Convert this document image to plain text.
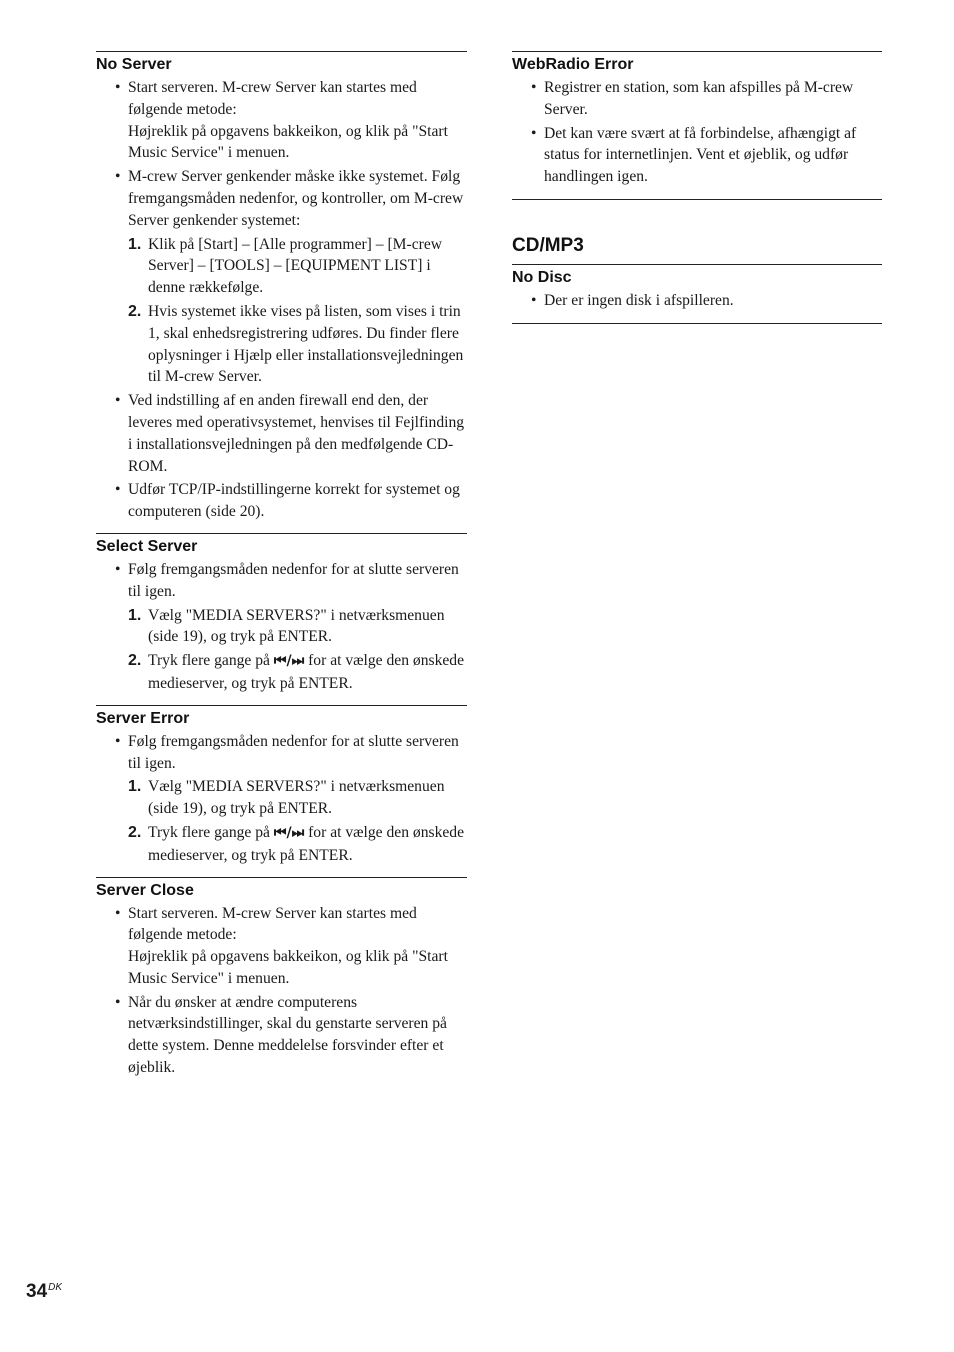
No Server
• Start serveren. M-crew Server kan startes med følgende metode:
Højreklik på opgavens bakkeikon, og klik på "Start Music Service" i menuen.
• M-crew Server genkender måske ikke systemet. Følg fremgangsmåden nedenfor, og kontroller, om M-crew Server genkender systemet:
1. Klik på [Start] – [Alle programmer] – [M-crew Server] – [TOOLS] – [EQUIPMENT LIST] i denne rækkefølge.
2. Hvis systemet ikke vises på listen, som vises i trin 1, skal enhedsregistrering udføres. Du finder flere oplysninger i Hjælp eller installationsvejledningen til M-crew Server.
• Ved indstilling af en anden firewall end den, der leveres med operativsystemet, henvises til Fejlfinding i installationsvejledningen på den medfølgende CD-ROM.
• Udfør TCP/IP-indstillingerne korrekt for systemet og computeren (side 20).
Select Server
• Følg fremgangsmåden nedenfor for at slutte serveren til igen.
1. Vælg "MEDIA SERVERS?" i netværksmenuen (side 19), og tryk på ENTER.
2. Tryk flere gange på ⏮/⏭ for at vælge den ønskede medieserver, og tryk på ENTER.
Server Error
• Følg fremgangsmåden nedenfor for at slutte serveren til igen.
1. Vælg "MEDIA SERVERS?" i netværksmenuen (side 19), og tryk på ENTER.
2. Tryk flere gange på ⏮/⏭ for at vælge den ønskede medieserver, og tryk på ENTER.
Server Close
• Start serveren. M-crew Server kan startes med følgende metode:
Højreklik på opgavens bakkeikon, og klik på "Start Music Service" i menuen.
• Når du ønsker at ændre computerens netværksindstillinger, skal du genstarte serveren på dette system. Denne meddelelse forsvinder efter et øjeblik.
WebRadio Error
• Registrer en station, som kan afspilles på M-crew Server.
• Det kan være svært at få forbindelse, afhængigt af status for internetlinjen. Vent et øjeblik, og udfør handlingen igen.
CD/MP3
No Disc
• Der er ingen disk i afspilleren.
$34^{DK}$
